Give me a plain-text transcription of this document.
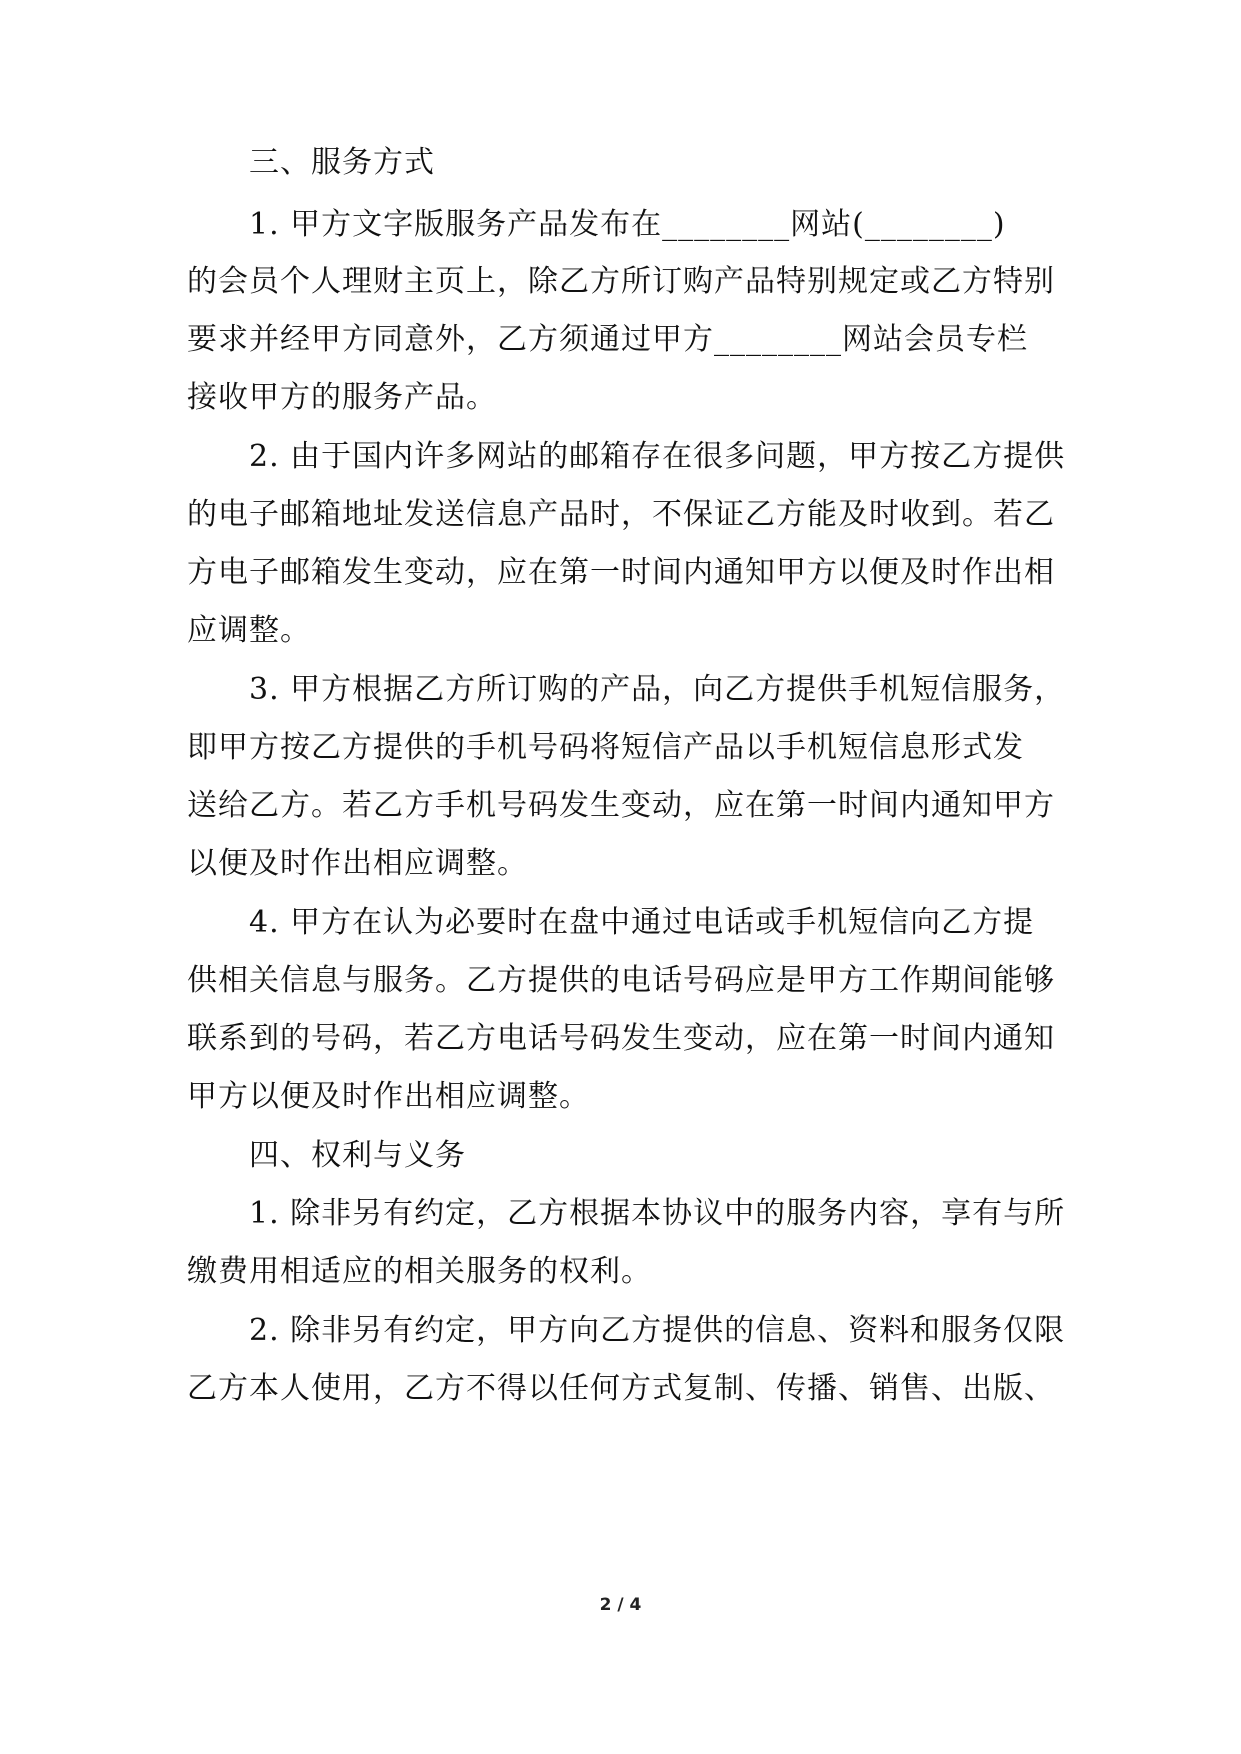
三、服务方式
1. 甲方文字版服务产品发布在________网站(________)
的会员个人理财主页上，除乙方所订购产品特别规定或乙方特别
要求并经甲方同意外，乙方须通过甲方________网站会员专栏
接收甲方的服务产品。
2. 由于国内许多网站的邮箱存在很多问题，甲方按乙方提供
的电子邮箱地址发送信息产品时，不保证乙方能及时收到。若乙
方电子邮箱发生变动，应在第一时间内通知甲方以便及时作出相
应调整。
3. 甲方根据乙方所订购的产品，向乙方提供手机短信服务，
即甲方按乙方提供的手机号码将短信产品以手机短信息形式发
送给乙方。若乙方手机号码发生变动，应在第一时间内通知甲方
以便及时作出相应调整。
4. 甲方在认为必要时在盘中通过电话或手机短信向乙方提
供相关信息与服务。乙方提供的电话号码应是甲方工作期间能够
联系到的号码，若乙方电话号码发生变动，应在第一时间内通知
甲方以便及时作出相应调整。
四、权利与义务
1. 除非另有约定，乙方根据本协议中的服务内容，享有与所
缴费用相适应的相关服务的权利。
2. 除非另有约定，甲方向乙方提供的信息、资料和服务仅限
乙方本人使用，乙方不得以任何方式复制、传播、销售、出版、
2 / 4
